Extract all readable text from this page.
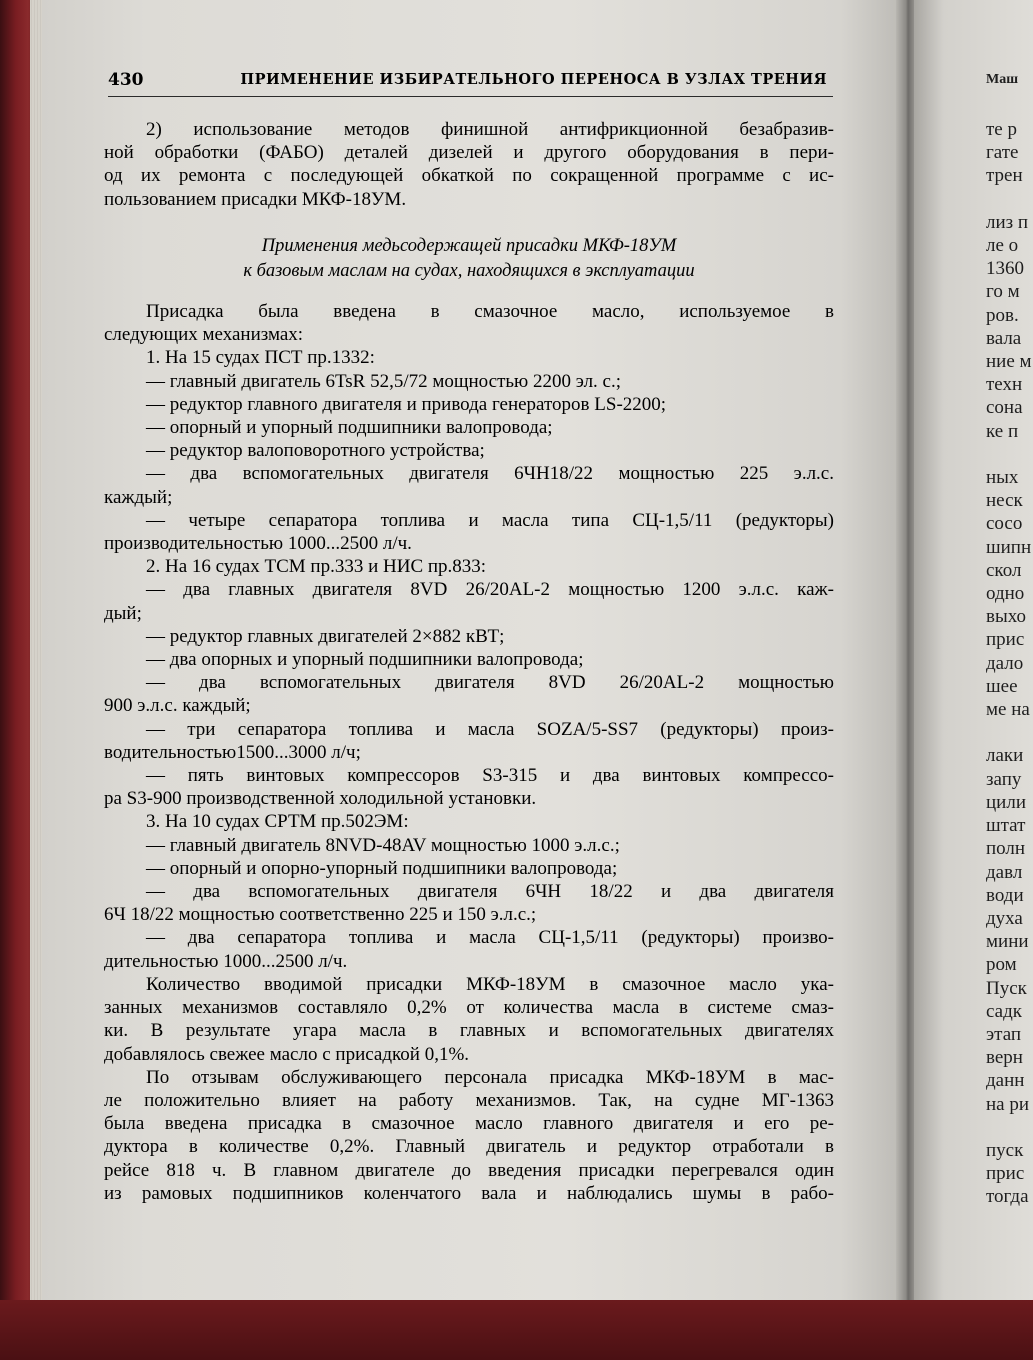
Маш
те р
гате
трен

лиз п
ле о
1360
го м
ров.
вала
ние м
техн
сона
ке п

ных
неск
сосо
шипн
скол
одно
выхо
прис
дало
шее
ме на

лаки
запу
цили
штат
полн
давл
води
духа
мини
ром
Пуск
садк
этап
верн
данн
на ри

пуск
прис
тогда
430	ПРИМЕНЕНИЕ ИЗБИРАТЕЛЬНОГО ПЕРЕНОСА В УЗЛАХ ТРЕНИЯ
2) использование методов финишной антифрикционной безабразив-
ной обработки (ФАБО) деталей дизелей и другого оборудования в пери-
од их ремонта с последующей обкаткой по сокращенной программе с ис-
пользованием присадки МКФ-18УМ.
Применения медьсодержащей присадки МКФ-18УМ
к базовым маслам на судах, находящихся в эксплуатации
Присадка была введена в смазочное масло, используемое в
следующих механизмах:
1. На 15 судах ПСТ пр.1332:
— главный двигатель 6TsR 52,5/72 мощностью 2200 эл. с.;
— редуктор главного двигателя и привода генераторов LS-2200;
— опорный и упорный подшипники валопровода;
— редуктор валоповоротного устройства;
— два вспомогательных двигателя 6ЧН18/22 мощностью 225 э.л.с.
каждый;
— четыре сепаратора топлива и масла типа СЦ-1,5/11 (редукторы)
производительностью 1000...2500 л/ч.
2. На 16 судах ТСМ пр.333 и НИС пр.833:
— два главных двигателя 8VD 26/20AL-2 мощностью 1200 э.л.с. каж-
дый;
— редуктор главных двигателей 2×882 кВТ;
— два опорных и упорный подшипники валопровода;
— два вспомогательных двигателя 8VD 26/20AL-2 мощностью
900 э.л.с. каждый;
— три сепаратора топлива и масла SOZA/5-SS7 (редукторы) произ-
водительностью1500...3000 л/ч;
— пять винтовых компрессоров S3-315 и два винтовых компрессо-
ра S3-900 производственной холодильной установки.
3. На 10 судах СРТМ пр.502ЭМ:
— главный двигатель 8NVD-48AV мощностью 1000 э.л.с.;
— опорный и опорно-упорный подшипники валопровода;
— два вспомогательных двигателя 6ЧН 18/22 и два двигателя
6Ч 18/22 мощностью соответственно 225 и 150 э.л.с.;
— два сепаратора топлива и масла СЦ-1,5/11 (редукторы) произво-
дительностью 1000...2500 л/ч.
Количество вводимой присадки МКФ-18УМ в смазочное масло ука-
занных механизмов составляло 0,2% от количества масла в системе смаз-
ки. В результате угара масла в главных и вспомогательных двигателях
добавлялось свежее масло с присадкой 0,1%.
По отзывам обслуживающего персонала присадка МКФ-18УМ в мас-
ле положительно влияет на работу механизмов. Так, на судне МГ-1363
была введена присадка в смазочное масло главного двигателя и его ре-
дуктора в количестве 0,2%. Главный двигатель и редуктор отработали в
рейсе 818 ч. В главном двигателе до введения присадки перегревался один
из рамовых подшипников коленчатого вала и наблюдались шумы в рабо-
